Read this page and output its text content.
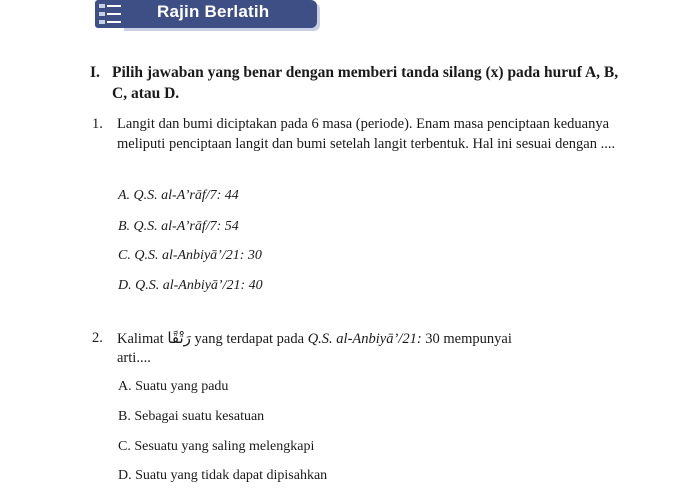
Rajin Berlatih
I. Pilih jawaban yang benar dengan memberi tanda silang (x) pada huruf A, B, C, atau D.
1. Langit dan bumi diciptakan pada 6 masa (periode). Enam masa penciptaan keduanya meliputi penciptaan langit dan bumi setelah langit terbentuk. Hal ini sesuai dengan ....
A. Q.S. al-A’rāf/7: 44
B. Q.S. al-A’rāf/7: 54
C. Q.S. al-Anbiyā’/21: 30
D. Q.S. al-Anbiyā’/21: 40
2. Kalimat رَتْقًا yang terdapat pada Q.S. al-Anbiyā’/21: 30 mempunyai
arti....
A. Suatu yang padu
B. Sebagai suatu kesatuan
C. Sesuatu yang saling melengkapi
D. Suatu yang tidak dapat dipisahkan
